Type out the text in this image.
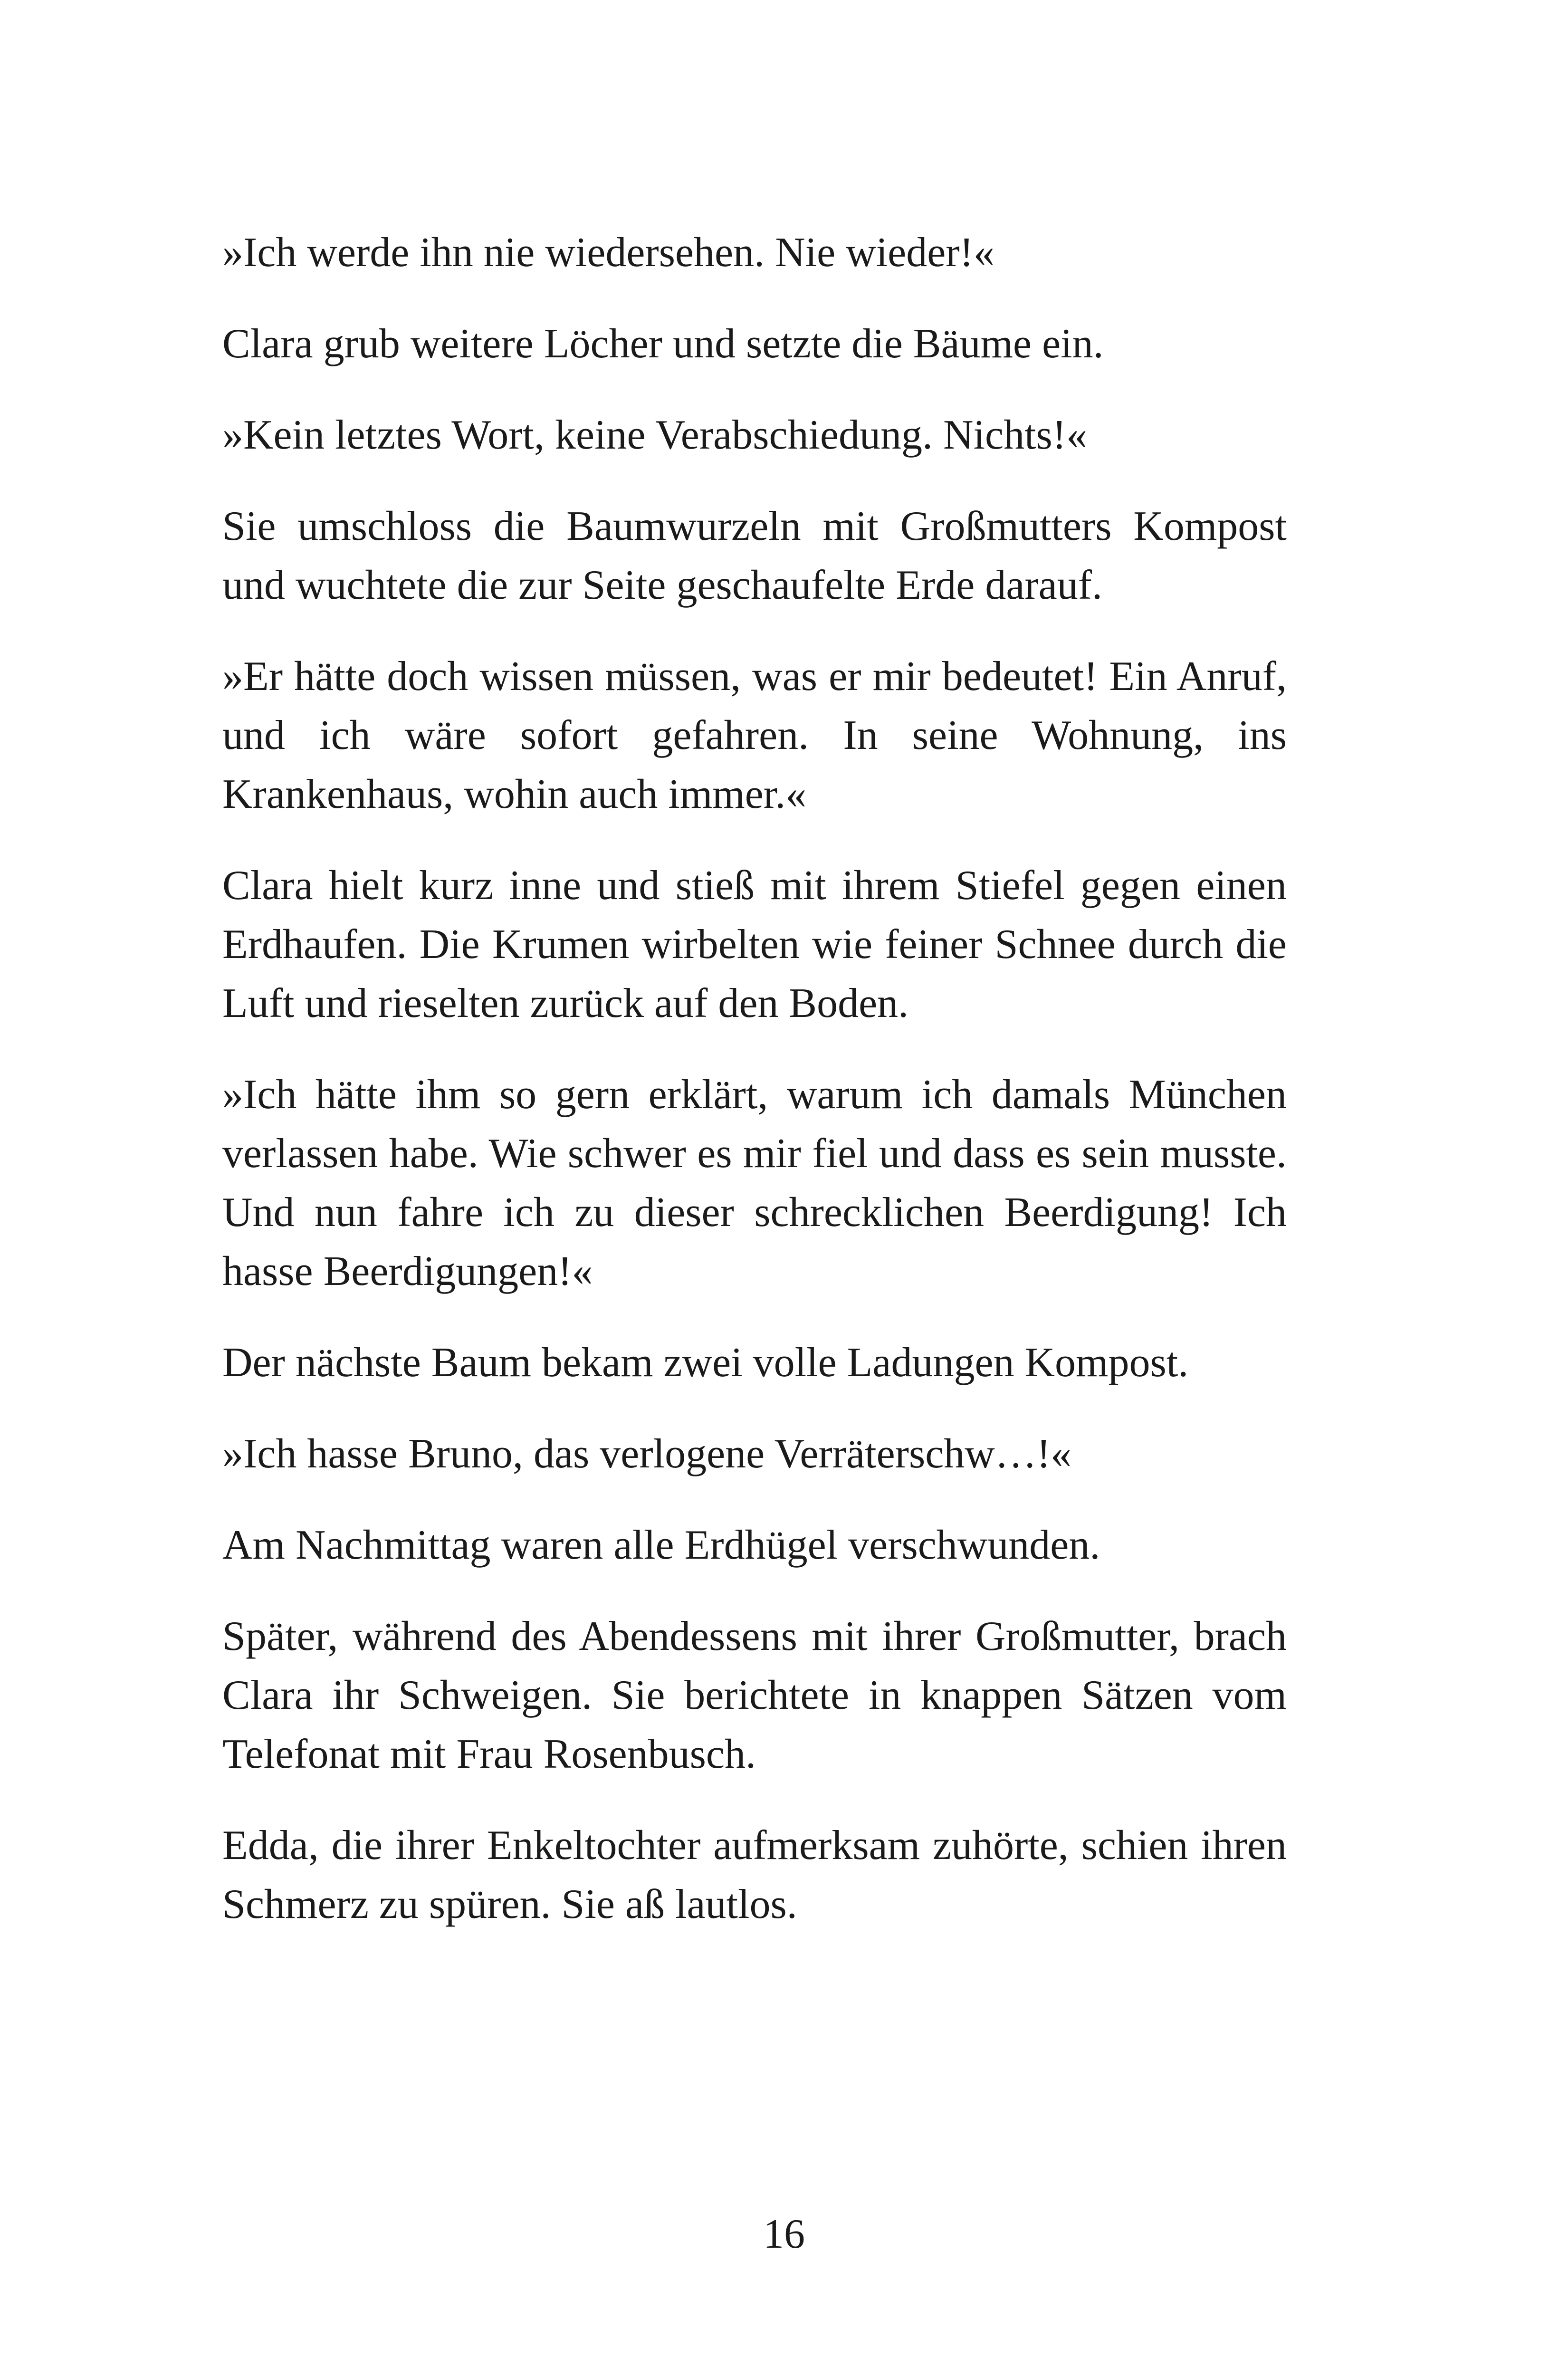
»Ich werde ihn nie wiedersehen. Nie wieder!«

Clara grub weitere Löcher und setzte die Bäume ein.

»Kein letztes Wort, keine Verabschiedung. Nichts!«

Sie umschloss die Baumwurzeln mit Großmutters Kompost und wuchtete die zur Seite geschaufelte Erde darauf.

»Er hätte doch wissen müssen, was er mir bedeutet! Ein Anruf, und ich wäre sofort gefahren. In seine Wohnung, ins Krankenhaus, wohin auch immer.«

Clara hielt kurz inne und stieß mit ihrem Stiefel gegen einen Erdhaufen. Die Krumen wirbelten wie feiner Schnee durch die Luft und rieselten zurück auf den Boden.

»Ich hätte ihm so gern erklärt, warum ich damals München verlassen habe. Wie schwer es mir fiel und dass es sein musste. Und nun fahre ich zu dieser schrecklichen Beerdigung! Ich hasse Beerdigungen!«

Der nächste Baum bekam zwei volle Ladungen Kompost.

»Ich hasse Bruno, das verlogene Verräterschw…!«

Am Nachmittag waren alle Erdhügel verschwunden.

Später, während des Abendessens mit ihrer Großmutter, brach Clara ihr Schweigen. Sie berichtete in knappen Sätzen vom Telefonat mit Frau Rosenbusch.

Edda, die ihrer Enkeltochter aufmerksam zuhörte, schien ihren Schmerz zu spüren. Sie aß lautlos.

16
